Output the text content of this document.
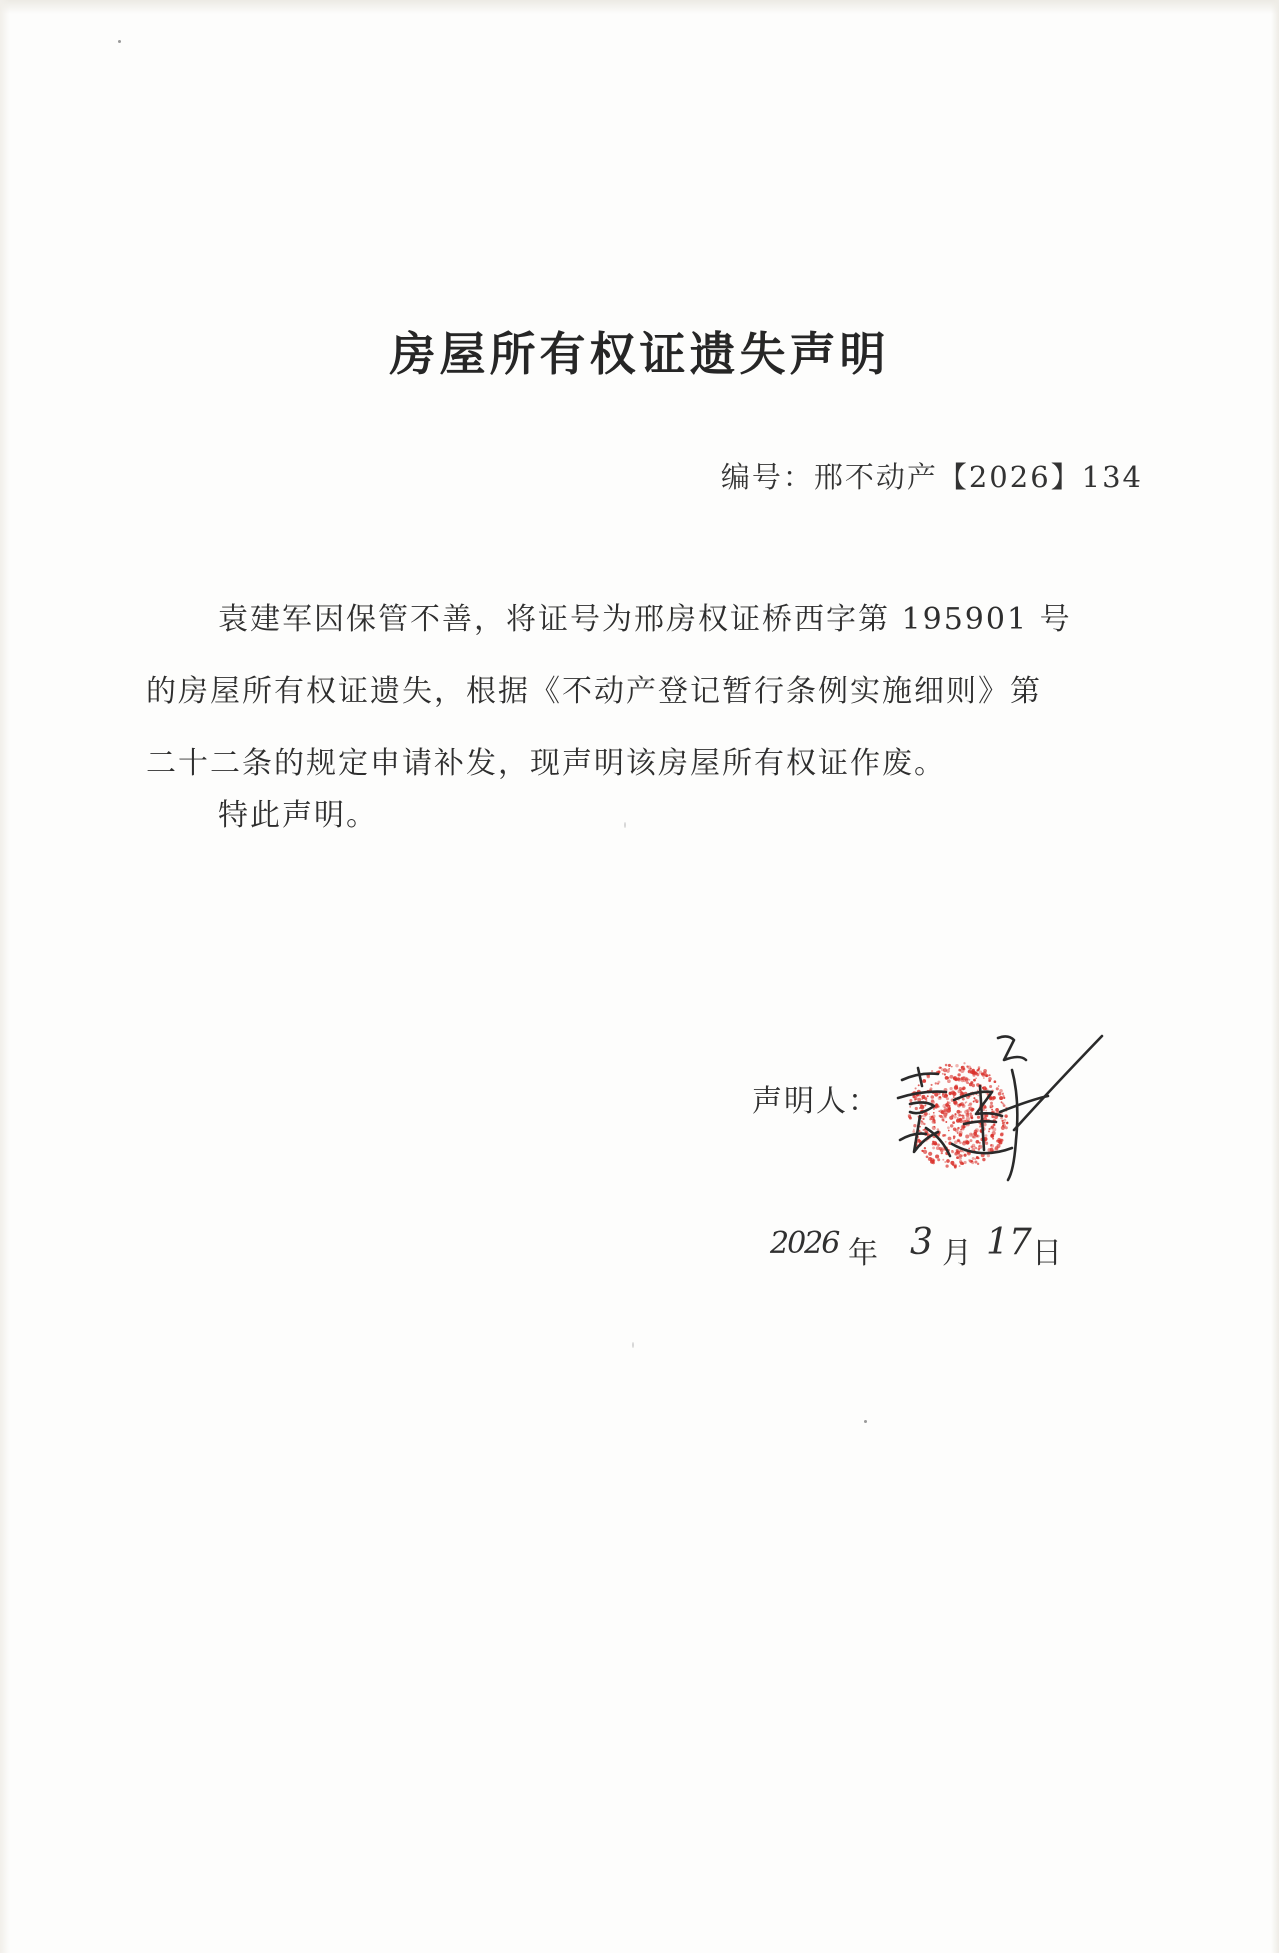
房屋所有权证遗失声明
编号：邢不动产【2026】134
袁建军因保管不善，将证号为邢房权证桥西字第 195901 号
的房屋所有权证遗失，根据《不动产登记暂行条例实施细则》第
二十二条的规定申请补发，现声明该房屋所有权证作废。
特此声明。
声明人：
2026 年 3 月 17 日
